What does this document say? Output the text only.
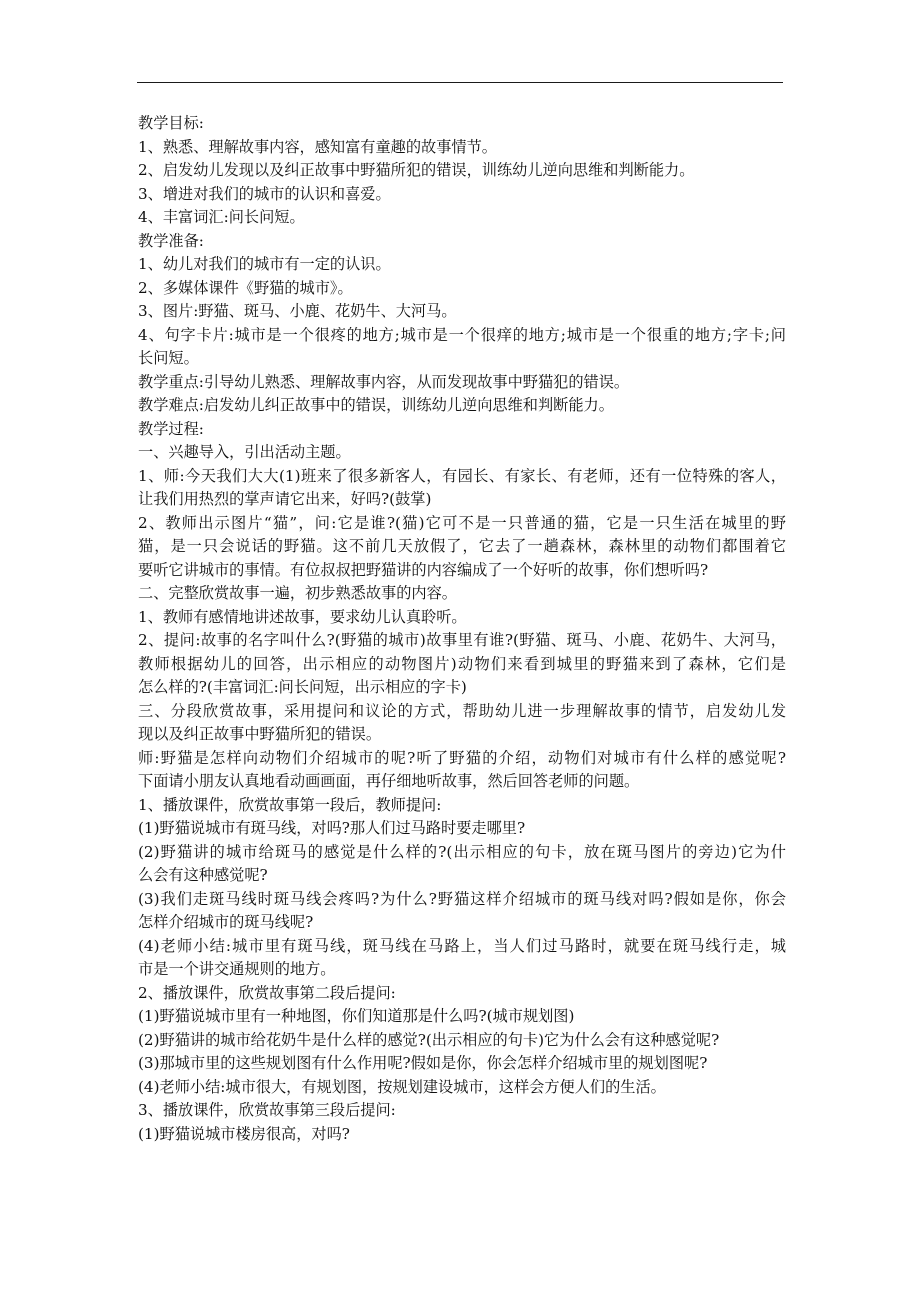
教学目标:
1、熟悉、理解故事内容，感知富有童趣的故事情节。
2、启发幼儿发现以及纠正故事中野猫所犯的错误，训练幼儿逆向思维和判断能力。
3、增进对我们的城市的认识和喜爱。
4、丰富词汇:问长问短。
教学准备:
1、幼儿对我们的城市有一定的认识。
2、多媒体课件《野猫的城市》。
3、图片:野猫、斑马、小鹿、花奶牛、大河马。
4、句字卡片:城市是一个很疼的地方;城市是一个很痒的地方;城市是一个很重的地方;字卡;问
长问短。
教学重点:引导幼儿熟悉、理解故事内容，从而发现故事中野猫犯的错误。
教学难点:启发幼儿纠正故事中的错误，训练幼儿逆向思维和判断能力。
教学过程:
一、兴趣导入，引出活动主题。
1、师:今天我们大大(1)班来了很多新客人，有园长、有家长、有老师，还有一位特殊的客人，
让我们用热烈的掌声请它出来，好吗?(鼓掌)
2、教师出示图片“猫”，问:它是谁?(猫)它可不是一只普通的猫，它是一只生活在城里的野
猫，是一只会说话的野猫。这不前几天放假了，它去了一趟森林，森林里的动物们都围着它
要听它讲城市的事情。有位叔叔把野猫讲的内容编成了一个好听的故事，你们想听吗?
二、完整欣赏故事一遍，初步熟悉故事的内容。
1、教师有感情地讲述故事，要求幼儿认真聆听。
2、提问:故事的名字叫什么?(野猫的城市)故事里有谁?(野猫、斑马、小鹿、花奶牛、大河马，
教师根据幼儿的回答，出示相应的动物图片)动物们来看到城里的野猫来到了森林，它们是
怎么样的?(丰富词汇:问长问短，出示相应的字卡)
三、分段欣赏故事，采用提问和议论的方式，帮助幼儿进一步理解故事的情节，启发幼儿发
现以及纠正故事中野猫所犯的错误。
师:野猫是怎样向动物们介绍城市的呢?听了野猫的介绍，动物们对城市有什么样的感觉呢?
下面请小朋友认真地看动画画面，再仔细地听故事，然后回答老师的问题。
1、播放课件，欣赏故事第一段后，教师提问:
(1)野猫说城市有斑马线，对吗?那人们过马路时要走哪里?
(2)野猫讲的城市给斑马的感觉是什么样的?(出示相应的句卡，放在斑马图片的旁边)它为什
么会有这种感觉呢?
(3)我们走斑马线时斑马线会疼吗?为什么?野猫这样介绍城市的斑马线对吗?假如是你，你会
怎样介绍城市的斑马线呢?
(4)老师小结:城市里有斑马线，斑马线在马路上，当人们过马路时，就要在斑马线行走，城
市是一个讲交通规则的地方。
2、播放课件，欣赏故事第二段后提问:
(1)野猫说城市里有一种地图，你们知道那是什么吗?(城市规划图)
(2)野猫讲的城市给花奶牛是什么样的感觉?(出示相应的句卡)它为什么会有这种感觉呢?
(3)那城市里的这些规划图有什么作用呢?假如是你，你会怎样介绍城市里的规划图呢?
(4)老师小结:城市很大，有规划图，按规划建设城市，这样会方便人们的生活。
3、播放课件，欣赏故事第三段后提问:
(1)野猫说城市楼房很高，对吗?
